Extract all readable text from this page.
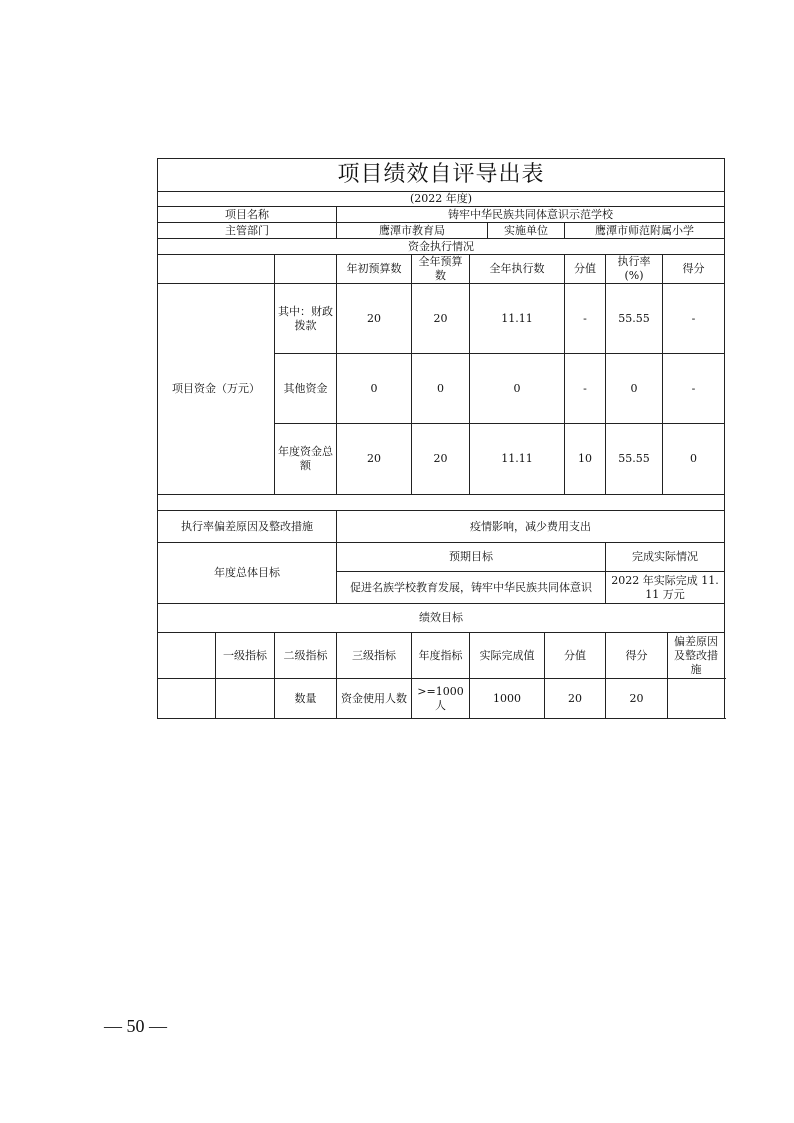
项目绩效自评导出表											
(2022 年度)											
项目名称			铸牢中华民族共同体意识示范学校								
主管部门			鹰潭市教育局			实施单位		鹰潭市师范附属小学			
资金执行情况											
			年初预算数	全年预算数	全年执行数			分值	执行率(%)	得分	
项目资金（万元）		其中：财政拨款	20	20	11.11			-	55.55	-	
		其他资金	0	0	0			-	0	-	
		年度资金总额	20	20	11.11			10	55.55	0	

执行率偏差原因及整改措施			疫情影响，减少费用支出								
年度总体目标			预期目标						完成实际情况		
			促进名族学校教育发展，铸牢中华民族共同体意识						2022 年实际完成 11.11 万元		
绩效目标											
	一级指标	二级指标	三级指标	年度指标	实际完成值		分值		得分		偏差原因及整改措施
		数量	资金使用人数	>=1000 人	1000		20		20		
— 50 —
